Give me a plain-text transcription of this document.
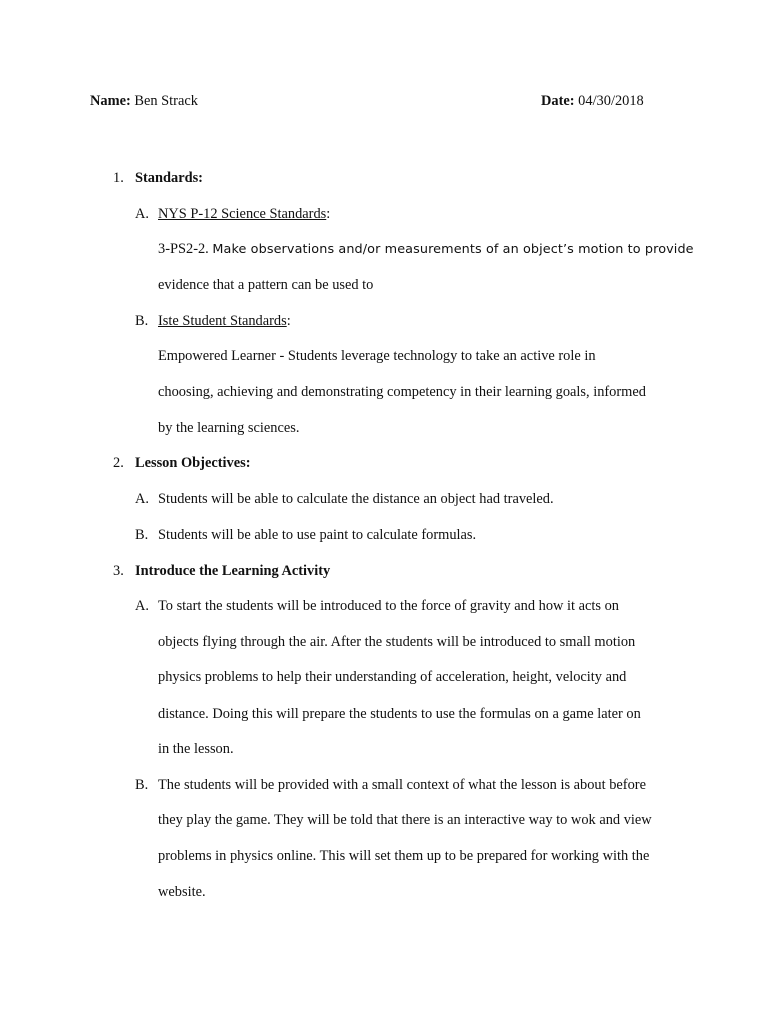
Name: Ben Strack	Date: 04/30/2018
1. Standards:
A. NYS P-12 Science Standards:
3-PS2-2. Make observations and/or measurements of an object’s motion to provide
evidence that a pattern can be used to
B. Iste Student Standards:
Empowered Learner - Students leverage technology to take an active role in
choosing, achieving and demonstrating competency in their learning goals, informed
by the learning sciences.
2. Lesson Objectives:
A. Students will be able to calculate the distance an object had traveled.
B. Students will be able to use paint to calculate formulas.
3. Introduce the Learning Activity
A. To start the students will be introduced to the force of gravity and how it acts on
objects flying through the air. After the students will be introduced to small motion
physics problems to help their understanding of acceleration, height, velocity and
distance. Doing this will prepare the students to use the formulas on a game later on
in the lesson.
B. The students will be provided with a small context of what the lesson is about before
they play the game. They will be told that there is an interactive way to wok and view
problems in physics online. This will set them up to be prepared for working with the
website.
